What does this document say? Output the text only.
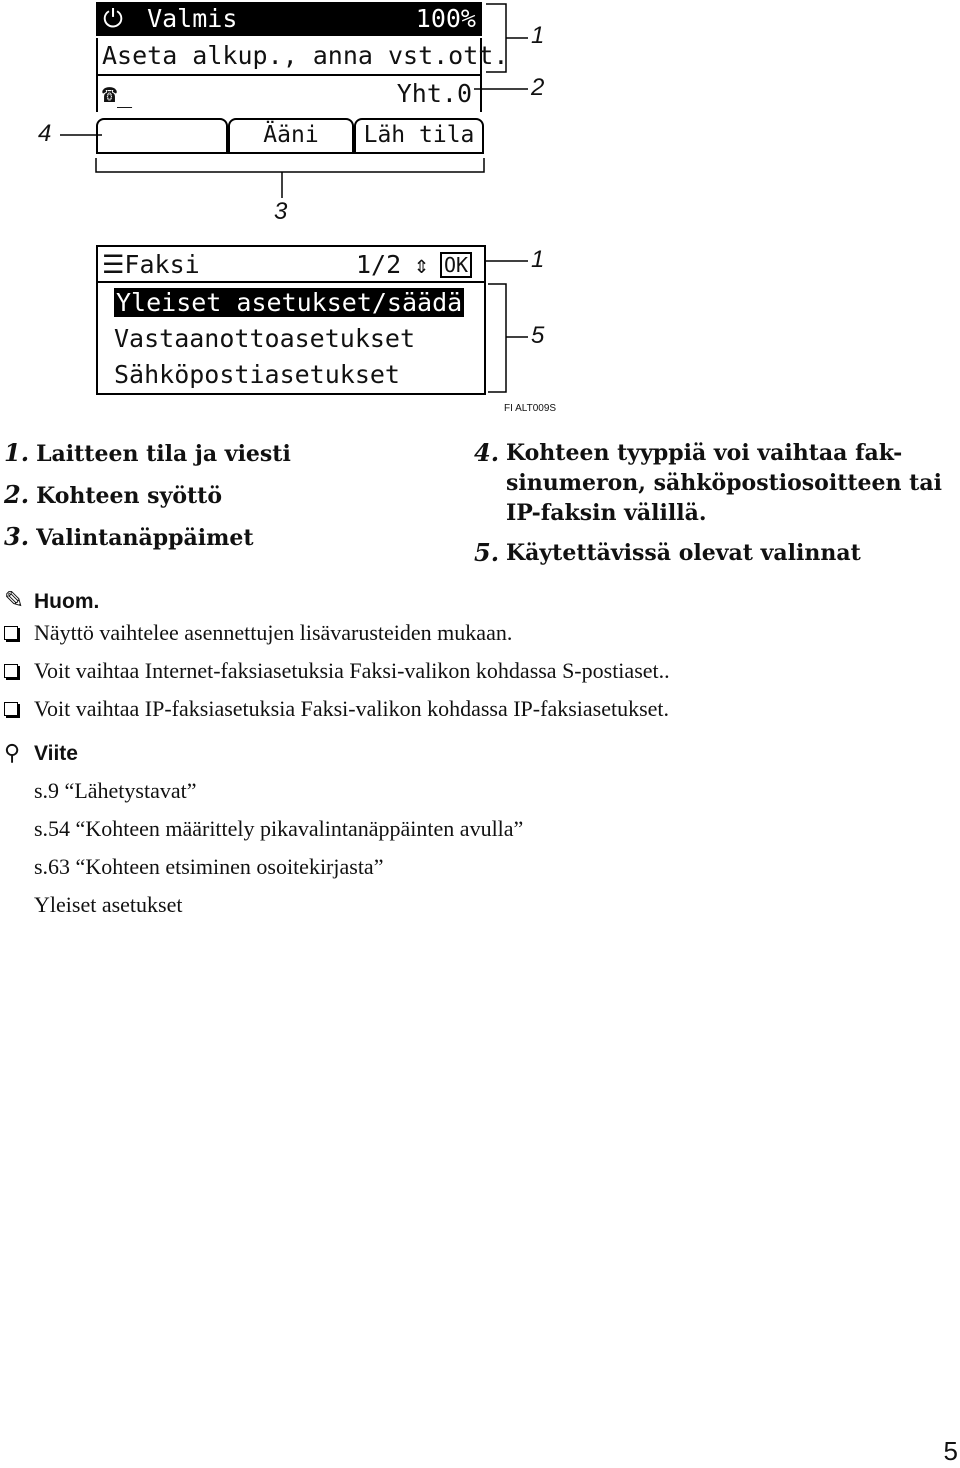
⏻ Valmis	100%
Aseta alkup., anna vst.ott.
☎_	Yht.0
☎✐HS	Ääni	Läh tila
1
2
4
3
1
5
☰Faksi	1/2 ⇕ OK
Yleiset asetukset/säädä
Vastaanottoasetukset
Sähköpostiasetukset
FI ALT009S
1. Laitteen tila ja viesti
2. Kohteen syöttö
3. Valintanäppäimet
4. Kohteen tyyppiä voi vaihtaa fak-
sinumeron, sähköpostiosoitteen tai
IP-faksin välillä.
5. Käytettävissä olevat valinnat
✎ Huom.
Näyttö vaihtelee asennettujen lisävarusteiden mukaan.
Voit vaihtaa Internet-faksiasetuksia Faksi-valikon kohdassa S-postiaset..
Voit vaihtaa IP-faksiasetuksia Faksi-valikon kohdassa IP-faksiasetukset.
⚲ Viite
s.9 “Lähetystavat”
s.54 “Kohteen määrittely pikavalintanäppäinten avulla”
s.63 “Kohteen etsiminen osoitekirjasta”
Yleiset asetukset
5
